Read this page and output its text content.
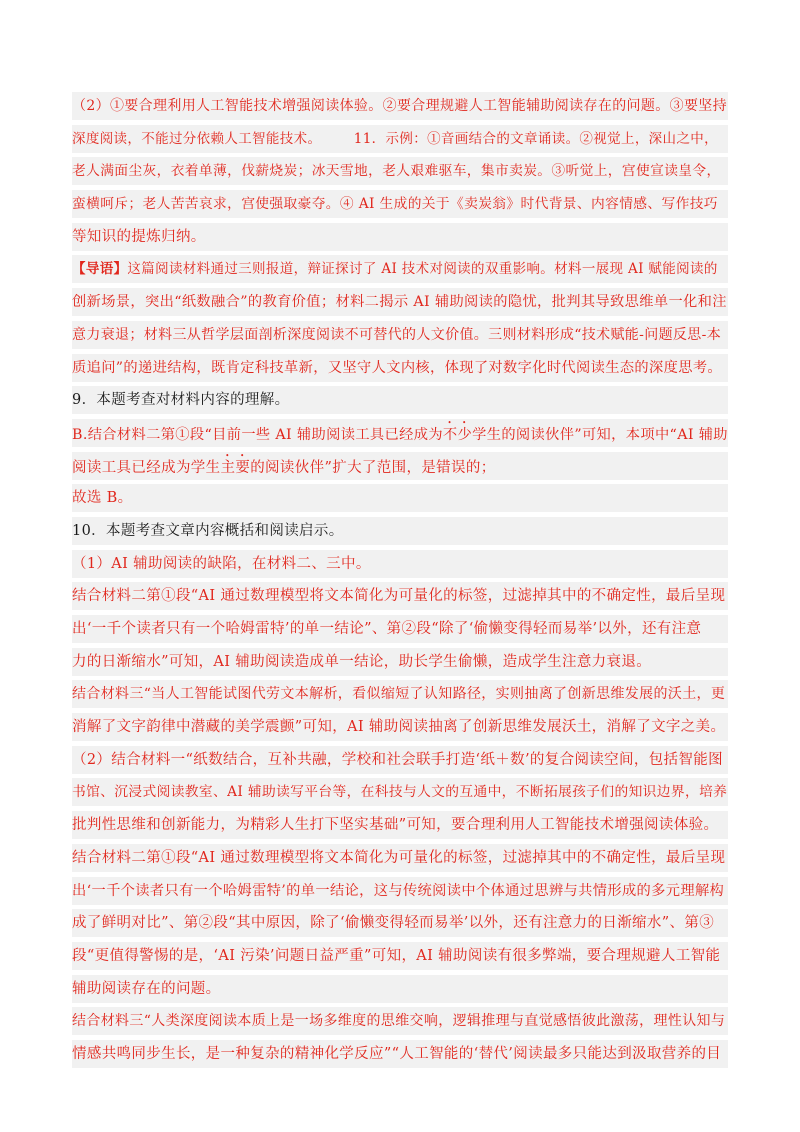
（2）①要合理利用人工智能技术增强阅读体验。②要合理规避人工智能辅助阅读存在的问题。③要坚持
深度阅读，不能过分依赖人工智能技术。       11．示例：①音画结合的文章诵读。②视觉上，深山之中，
老人满面尘灰，衣着单薄，伐薪烧炭；冰天雪地，老人艰难驱车，集市卖炭。③听觉上，宫使宣读皇令，
蛮横呵斥；老人苦苦哀求，宫使强取豪夺。④ AI 生成的关于《卖炭翁》时代背景、内容情感、写作技巧
等知识的提炼归纳。
【导语】这篇阅读材料通过三则报道，辩证探讨了 AI 技术对阅读的双重影响。材料一展现 AI 赋能阅读的
创新场景，突出“纸数融合”的教育价值；材料二揭示 AI 辅助阅读的隐忧，批判其导致思维单一化和注
意力衰退；材料三从哲学层面剖析深度阅读不可替代的人文价值。三则材料形成“技术赋能-问题反思-本
质追问”的递进结构，既肯定科技革新，又坚守人文内核，体现了对数字化时代阅读生态的深度思考。
9．本题考查对材料内容的理解。
B.结合材料二第①段“目前一些 AI 辅助阅读工具已经成为不少学生的阅读伙伴”可知，本项中“AI 辅助
阅读工具已经成为学生主要的阅读伙伴”扩大了范围，是错误的；
故选 B。
10．本题考查文章内容概括和阅读启示。
（1）AI 辅助阅读的缺陷，在材料二、三中。
结合材料二第①段“AI 通过数理模型将文本简化为可量化的标签，过滤掉其中的不确定性，最后呈现
出‘一千个读者只有一个哈姆雷特’的单一结论”、第②段“除了‘偷懒变得轻而易举’以外，还有注意
力的日渐缩水”可知，AI 辅助阅读造成单一结论，助长学生偷懒，造成学生注意力衰退。
结合材料三“当人工智能试图代劳文本解析，看似缩短了认知路径，实则抽离了创新思维发展的沃土，更
消解了文字韵律中潜藏的美学震颤”可知，AI 辅助阅读抽离了创新思维发展沃土，消解了文字之美。
（2）结合材料一“纸数结合，互补共融，学校和社会联手打造‘纸＋数’的复合阅读空间，包括智能图
书馆、沉浸式阅读教室、AI 辅助读写平台等，在科技与人文的互通中，不断拓展孩子们的知识边界，培养
批判性思维和创新能力，为精彩人生打下坚实基础”可知，要合理利用人工智能技术增强阅读体验。
结合材料二第①段“AI 通过数理模型将文本简化为可量化的标签，过滤掉其中的不确定性，最后呈现
出‘一千个读者只有一个哈姆雷特’的单一结论，这与传统阅读中个体通过思辨与共情形成的多元理解构
成了鲜明对比”、第②段“其中原因，除了‘偷懒变得轻而易举’以外，还有注意力的日渐缩水”、第③
段“更值得警惕的是，‘AI 污染’问题日益严重”可知，AI 辅助阅读有很多弊端，要合理规避人工智能
辅助阅读存在的问题。
结合材料三“人类深度阅读本质上是一场多维度的思维交响，逻辑推理与直觉感悟彼此激荡，理性认知与
情感共鸣同步生长，是一种复杂的精神化学反应”“人工智能的‘替代’阅读最多只能达到汲取营养的目
